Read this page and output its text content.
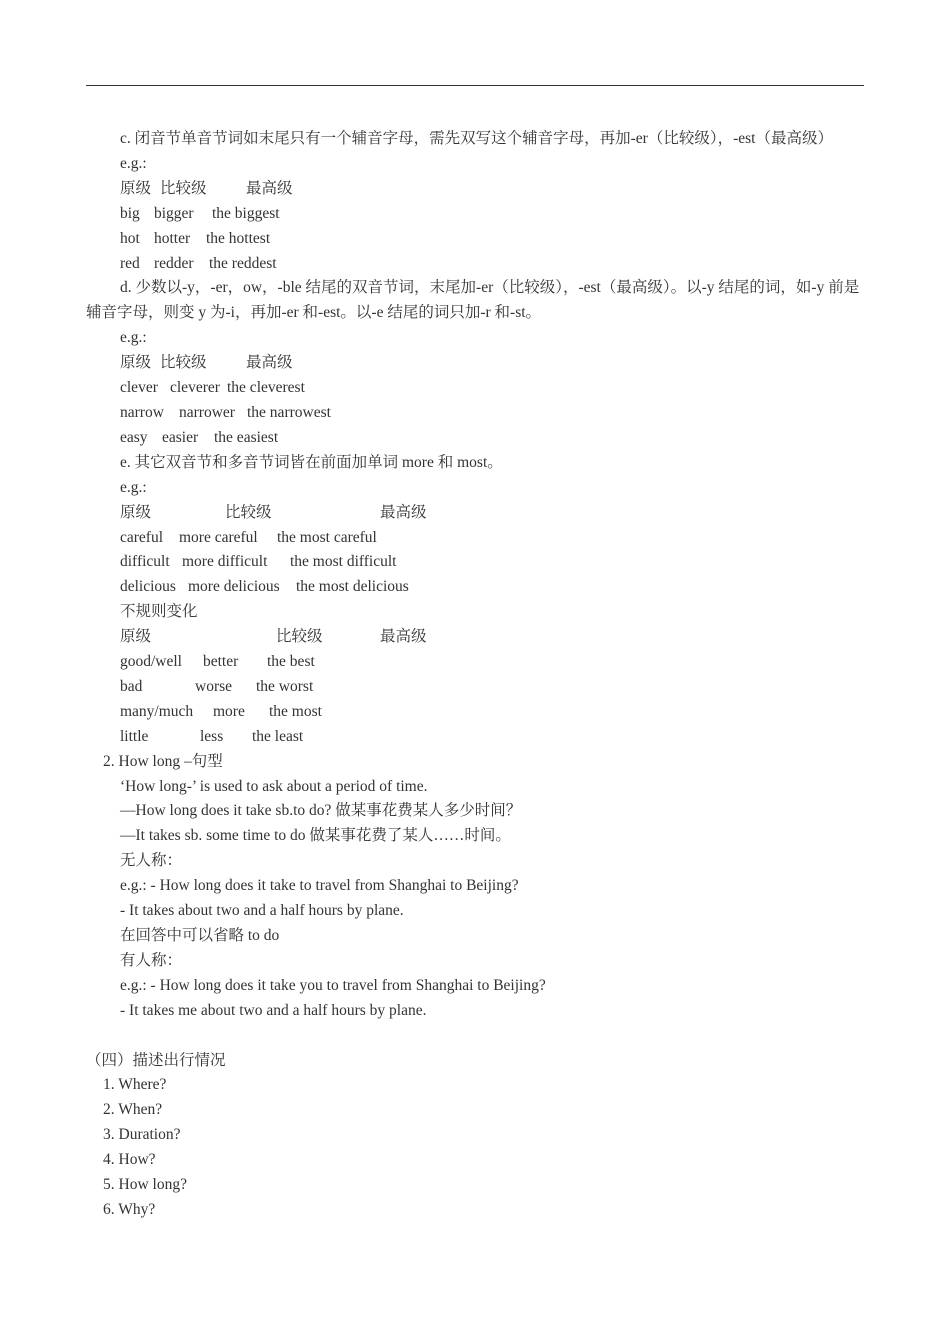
c. 闭音节单音节词如末尾只有一个辅音字母，需先双写这个辅音字母，再加-er（比较级），-est（最高级）
e.g.:
原级 比较级	最高级
big bigger	the biggest
hot hotter	the hottest
red redder the reddest
d. 少数以-y，-er，ow，-ble 结尾的双音节词，末尾加-er（比较级），-est（最高级）。以-y 结尾的词，如-y 前是辅音字母，则变 y 为-i，再加-er 和-est。以-e 结尾的词只加-r 和-st。
e.g.:
原级 比较级	最高级
clever cleverer the cleverest
narrow narrower the narrowest
easy easier	the easiest
e. 其它双音节和多音节词皆在前面加单词 more 和 most。
e.g.:
原级	比较级	最高级
careful	more careful	the most careful
difficult more difficult	the most difficult
delicious more delicious	the most delicious
不规则变化
原级	比较级	最高级
good/well	better	the best
bad	worse	the worst
many/much	more	the most
little	less	the least
2. How long –句型
‘How long-’ is used to ask about a period of time.
—How long does it take sb.to do? 做某事花费某人多少时间？
—It takes sb. some time to do 做某事花费了某人……时间。
无人称：
e.g.: - How long does it take to travel from Shanghai to Beijing?
- It takes about two and a half hours by plane.
在回答中可以省略 to do
有人称：
e.g.: - How long does it take you to travel from Shanghai to Beijing?
- It takes me about two and a half hours by plane.
（四）描述出行情况
1. Where?
2. When?
3. Duration?
4. How?
5. How long?
6. Why?
